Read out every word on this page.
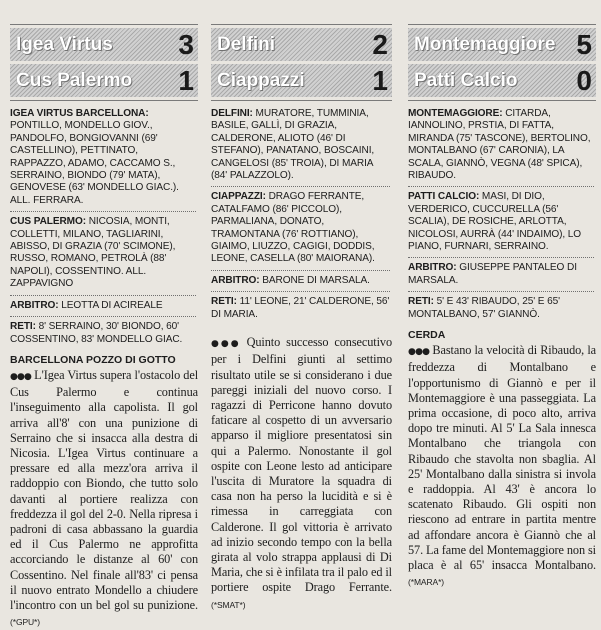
Igea Virtus 3
Cus Palermo 1
IGEA VIRTUS BARCELLONA: PONTILLO, MONDELLO GIOV., PANDOLFO, BONGIOVANNI (69' CASTELLINO), PETTINATO, RAPPAZZO, ADAMO, CACCAMO S., SERRAINO, BIONDO (79' MATA), GENOVESE (63' MONDELLO GIAC.). ALL. FERRARA.
CUS PALERMO: NICOSIA, MONTI, COLLETTI, MILANO, TAGLIARINI, ABISSO, DI GRAZIA (70' SCIMONE), RUSSO, ROMANO, PETROLÀ (88' NAPOLI), COSSENTINO. ALL. ZAPPAVIGNO
ARBITRO: LEOTTA DI ACIREALE
RETI: 8' SERRAINO, 30' BIONDO, 60' COSSENTINO, 83' MONDELLO GIAC.
BARCELLONA POZZO DI GOTTO
●●● L'Igea Virtus supera l'ostacolo del Cus Palermo e continua l'inseguimento alla capolista. Il gol arriva all'8' con una punizione di Serraino che si insacca alla destra di Nicosia. L'Igea Virtus continuare a pressare ed alla mezz'ora arriva il raddoppio con Biondo, che tutto solo davanti al portiere realizza con freddezza il gol del 2-0. Nella ripresa i padroni di casa abbassano la guardia ed il Cus Palermo ne approfitta accorciando le distanze al 60' con Cossentino. Nel finale all'83' ci pensa il nuovo entrato Mondello a chiudere l'incontro con un bel gol su punizione. (*GPU*)
Delfini	2
Ciappazzi 1
DELFINI: MURATORE, TUMMINIA, BASILE, GALLÌ, DI GRAZIA, CALDERONE, ALIOTO (46' DI STEFANO), PANATANO, BOSCAINI, CANGELOSI (85' TROIA), DI MARIA (84' PALAZZOLO).
CIAPPAZZI: DRAGO FERRANTE, CATALFAMO (86' PICCOLO), PARMALIANA, DONATO, TRAMONTANA (76' ROTTIANO), GIAIMO, LIUZZO, CAGIGI, DODDIS, LEONE, CASELLA (80' MAIORANA).
ARBITRO: BARONE DI MARSALA.
RETI: 11' LEONE, 21' CALDERONE, 56' DI MARIA.
●●● Quinto successo consecutivo per i Delfini giunti al settimo risultato utile se si considerano i due pareggi iniziali del nuovo corso. I ragazzi di Perricone hanno dovuto faticare al cospetto di un avversario apparso il migliore presentatosi sin qui a Palermo. Nonostante il gol ospite con Leone lesto ad anticipare l'uscita di Muratore la squadra di casa non ha perso la lucidità e si è rimessa in carreggiata con Calderone. Il gol vittoria è arrivato ad inizio secondo tempo con la bella girata al volo strappa applausi di Di Maria, che si è infilata tra il palo ed il portiere ospite Drago Ferrante. (*SMAT*)
Montemaggiore 5
Patti Calcio 0
MONTEMAGGIORE: CITARDA, IANNOLINO, PRSTIA, DI FATTA, MIRANDA (75' TASCONE), BERTOLINO, MONTALBANO (67' CARONIA), LA SCALA, GIANNÒ, VEGNA (48' SPICA), RIBAUDO.
PATTI CALCIO: MASI, DI DIO, VERDERICO, CUCCURELLA (56' SCALIA), DE ROSICHE, ARLOTTA, NICOLOSI, AURRÀ (44' INDAIMO), LO PIANO, FURNARI, SERRAINO.
ARBITRO: GIUSEPPE PANTALEO DI MARSALA.
RETI: 5' E 43' RIBAUDO, 25' E 65' MONTALBANO, 57' GIANNÒ.
CERDA
●●● Bastano la velocità di Ribaudo, la freddezza di Montalbano e l'opportunismo di Giannò e per il Montemaggiore è una passeggiata. La prima occasione, di poco alto, arriva dopo tre minuti. Al 5' La Sala innesca Montalbano che triangola con Ribaudo che stavolta non sbaglia. Al 25' Montalbano dalla sinistra si invola e raddoppia. Al 43' è ancora lo scatenato Ribaudo. Gli ospiti non riescono ad entrare in partita mentre ad affondare ancora è Giannò che al 57. La fame del Montemaggiore non si placa è al 65' insacca Montalbano. (*MARA*)
